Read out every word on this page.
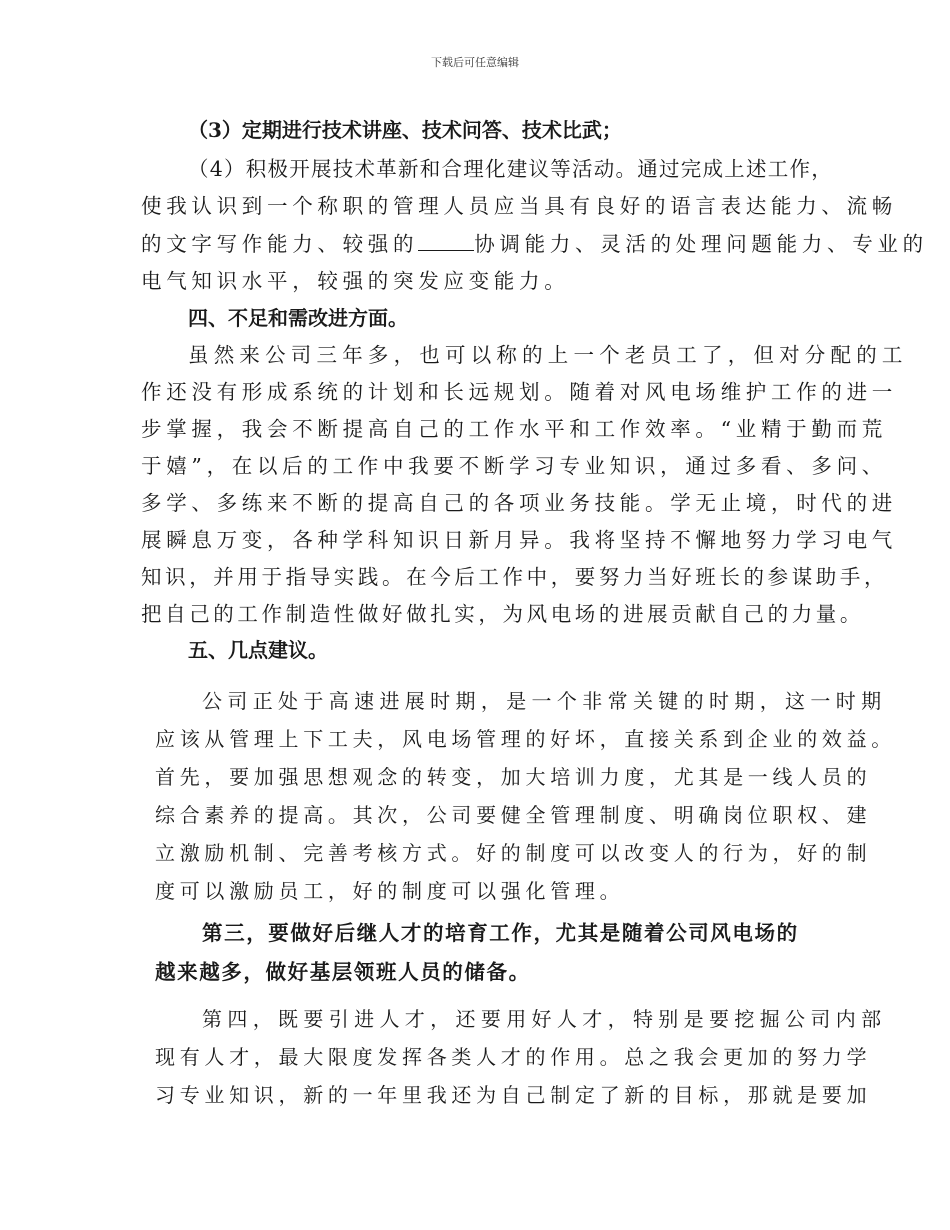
下载后可任意编辑
（3）定期进行技术讲座、技术问答、技术比武；
（4）积极开展技术革新和合理化建议等活动。通过完成上述工作，
使我认识到一个称职的管理人员应当具有良好的语言表达能力、流畅
的文字写作能力、较强的	协调能力、灵活的处理问题能力、专业的
电气知识水平，较强的突发应变能力。
四、不足和需改进方面。
虽然来公司三年多，也可以称的上一个老员工了，但对分配的工
作还没有形成系统的计划和长远规划。随着对风电场维护工作的进一
步掌握，我会不断提高自己的工作水平和工作效率。“业精于勤而荒
于嬉”，在以后的工作中我要不断学习专业知识，通过多看、多问、
多学、多练来不断的提高自己的各项业务技能。学无止境，时代的进
展瞬息万变，各种学科知识日新月异。我将坚持不懈地努力学习电气
知识，并用于指导实践。在今后工作中，要努力当好班长的参谋助手，
把自己的工作制造性做好做扎实，为风电场的进展贡献自己的力量。
五、几点建议。
公司正处于高速进展时期，是一个非常关键的时期，这一时期
应该从管理上下工夫，风电场管理的好坏，直接关系到企业的效益。
首先，要加强思想观念的转变，加大培训力度，尤其是一线人员的
综合素养的提高。其次，公司要健全管理制度、明确岗位职权、建
立激励机制、完善考核方式。好的制度可以改变人的行为，好的制
度可以激励员工，好的制度可以强化管理。
第三，要做好后继人才的培育工作，尤其是随着公司风电场的
越来越多，做好基层领班人员的储备。
第四，既要引进人才，还要用好人才，特别是要挖掘公司内部
现有人才，最大限度发挥各类人才的作用。总之我会更加的努力学
习专业知识，新的一年里我还为自己制定了新的目标，那就是要加
